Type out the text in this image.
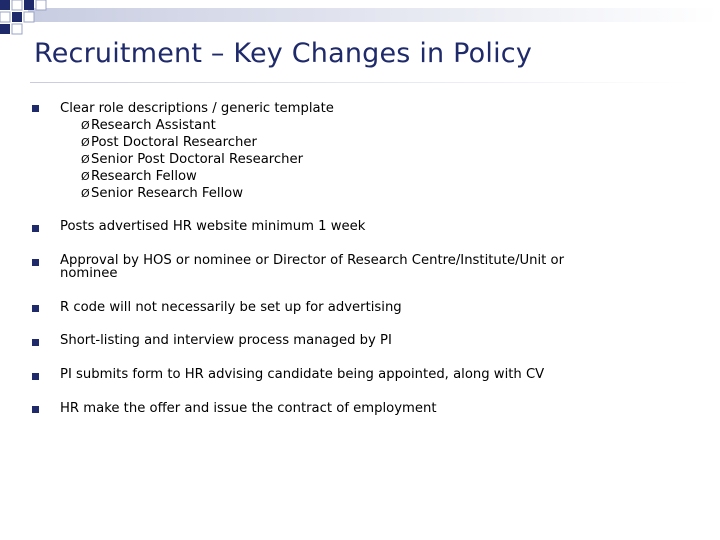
Recruitment – Key Changes in Policy
Clear role descriptions / generic template
ØResearch Assistant
ØPost Doctoral Researcher
ØSenior Post Doctoral Researcher
ØResearch Fellow
ØSenior Research Fellow
Posts advertised HR website minimum 1 week
Approval by HOS or nominee or Director of Research Centre/Institute/Unit or
nominee
R code will not necessarily be set up for advertising
Short-listing and interview process managed by PI
PI submits form to HR advising candidate being appointed, along with CV
HR make the offer and issue the contract of employment
